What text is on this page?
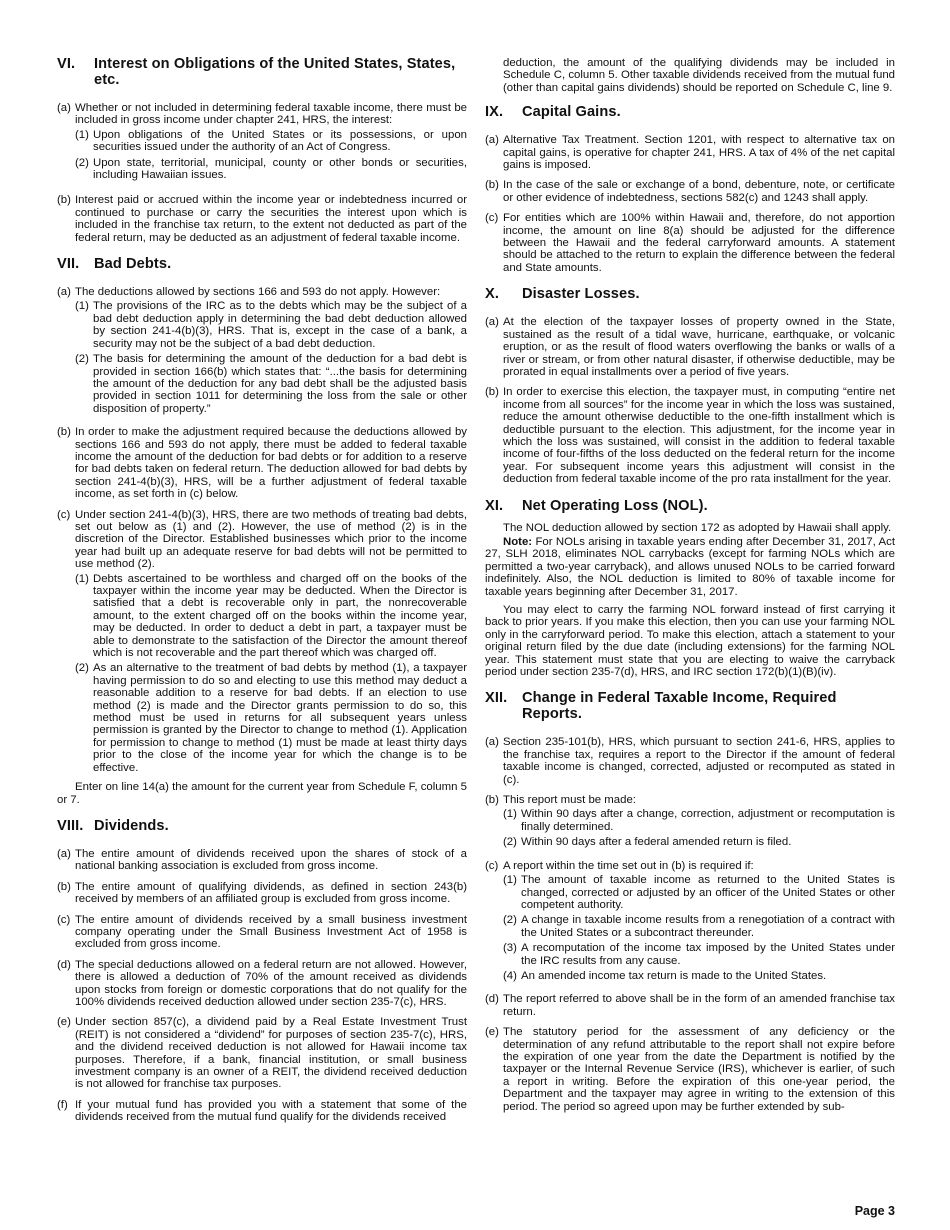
VI.	Interest on Obligations of the United States, States, etc.
(a) Whether or not included in determining federal taxable income, there must be included in gross income under chapter 241, HRS, the interest:
(1) Upon obligations of the United States or its possessions, or upon securities issued under the authority of an Act of Congress.
(2) Upon state, territorial, municipal, county or other bonds or securities, including Hawaiian issues.
(b) Interest paid or accrued within the income year or indebtedness incurred or continued to purchase or carry the securities the interest upon which is included in the franchise tax return, to the extent not deducted as part of the federal return, may be deducted as an adjustment of federal taxable income.
VII.	Bad Debts.
(a) The deductions allowed by sections 166 and 593 do not apply. However:
(1) The provisions of the IRC as to the debts which may be the subject of a bad debt deduction apply in determining the bad debt deduction allowed by section 241-4(b)(3), HRS. That is, except in the case of a bank, a security may not be the subject of a bad debt deduction.
(2) The basis for determining the amount of the deduction for a bad debt is provided in section 166(b) which states that: “...the basis for determining the amount of the deduction for any bad debt shall be the adjusted basis provided in section 1011 for determining the loss from the sale or other disposition of property.”
(b) In order to make the adjustment required because the deductions allowed by sections 166 and 593 do not apply, there must be added to federal taxable income the amount of the deduction for bad debts or for addition to a reserve for bad debts taken on federal return. The deduction allowed for bad debts by section 241-4(b)(3), HRS, will be a further adjustment of federal taxable income, as set forth in (c) below.
(c) Under section 241-4(b)(3), HRS, there are two methods of treating bad debts, set out below as (1) and (2). However, the use of method (2) is in the discretion of the Director. Established businesses which prior to the income year had built up an adequate reserve for bad debts will not be permitted to use method (2).
(1) Debts ascertained to be worthless and charged off on the books of the taxpayer within the income year may be deducted. When the Director is satisfied that a debt is recoverable only in part, the nonrecoverable amount, to the extent charged off on the books within the income year, may be deducted. In order to deduct a debt in part, a taxpayer must be able to demonstrate to the satisfaction of the Director the amount thereof which is not recoverable and the part thereof which was charged off.
(2) As an alternative to the treatment of bad debts by method (1), a taxpayer having permission to do so and electing to use this method may deduct a reasonable addition to a reserve for bad debts. If an election to use method (2) is made and the Director grants permission to do so, this method must be used in returns for all subsequent years unless permission is granted by the Director to change to method (1). Application for permission to change to method (1) must be made at least thirty days prior to the close of the income year for which the change is to be effective.
Enter on line 14(a) the amount for the current year from Schedule F, column 5 or 7.
VIII. Dividends.
(a) The entire amount of dividends received upon the shares of stock of a national banking association is excluded from gross income.
(b) The entire amount of qualifying dividends, as defined in section 243(b) received by members of an affiliated group is excluded from gross income.
(c) The entire amount of dividends received by a small business investment company operating under the Small Business Investment Act of 1958 is excluded from gross income.
(d) The special deductions allowed on a federal return are not allowed. However, there is allowed a deduction of 70% of the amount received as dividends upon stocks from foreign or domestic corporations that do not qualify for the 100% dividends received deduction allowed under section 235-7(c), HRS.
(e) Under section 857(c), a dividend paid by a Real Estate Investment Trust (REIT) is not considered a “dividend” for purposes of section 235-7(c), HRS, and the dividend received deduction is not allowed for Hawaii income tax purposes. Therefore, if a bank, financial institution, or small business investment company is an owner of a REIT, the dividend received deduction is not allowed for franchise tax purposes.
(f) If your mutual fund has provided you with a statement that some of the dividends received from the mutual fund qualify for the dividends received
deduction, the amount of the qualifying dividends may be included in Schedule C, column 5. Other taxable dividends received from the mutual fund (other than capital gains dividends) should be reported on Schedule C, line 9.
IX.	Capital Gains.
(a) Alternative Tax Treatment. Section 1201, with respect to alternative tax on capital gains, is operative for chapter 241, HRS. A tax of 4% of the net capital gains is imposed.
(b) In the case of the sale or exchange of a bond, debenture, note, or certificate or other evidence of indebtedness, sections 582(c) and 1243 shall apply.
(c) For entities which are 100% within Hawaii and, therefore, do not apportion income, the amount on line 8(a) should be adjusted for the difference between the Hawaii and the federal carryforward amounts. A statement should be attached to the return to explain the difference between the federal and State amounts.
X.	Disaster Losses.
(a) At the election of the taxpayer losses of property owned in the State, sustained as the result of a tidal wave, hurricane, earthquake, or volcanic eruption, or as the result of flood waters overflowing the banks or walls of a river or stream, or from other natural disaster, if otherwise deductible, may be prorated in equal installments over a period of five years.
(b) In order to exercise this election, the taxpayer must, in computing “entire net income from all sources” for the income year in which the loss was sustained, reduce the amount otherwise deductible to the one-fifth installment which is deductible pursuant to the election. This adjustment, for the income year in which the loss was sustained, will consist in the addition to federal taxable income of four-fifths of the loss deducted on the federal return for the income year. For subsequent income years this adjustment will consist in the deduction from federal taxable income of the pro rata installment for the year.
XI.	Net Operating Loss (NOL).
The NOL deduction allowed by section 172 as adopted by Hawaii shall apply.
Note: For NOLs arising in taxable years ending after December 31, 2017, Act 27, SLH 2018, eliminates NOL carrybacks (except for farming NOLs which are permitted a two-year carryback), and allows unused NOLs to be carried forward indefinitely. Also, the NOL deduction is limited to 80% of taxable income for taxable years beginning after December 31, 2017.
You may elect to carry the farming NOL forward instead of first carrying it back to prior years. If you make this election, then you can use your farming NOL only in the carryforward period. To make this election, attach a statement to your original return filed by the due date (including extensions) for the farming NOL year. This statement must state that you are electing to waive the carryback period under section 235-7(d), HRS, and IRC section 172(b)(1)(B)(iv).
XII.	Change in Federal Taxable Income, Required Reports.
(a) Section 235-101(b), HRS, which pursuant to section 241-6, HRS, applies to the franchise tax, requires a report to the Director if the amount of federal taxable income is changed, corrected, adjusted or recomputed as stated in (c).
(b) This report must be made:
(1) Within 90 days after a change, correction, adjustment or recomputation is finally determined.
(2) Within 90 days after a federal amended return is filed.
(c) A report within the time set out in (b) is required if:
(1) The amount of taxable income as returned to the United States is changed, corrected or adjusted by an officer of the United States or other competent authority.
(2) A change in taxable income results from a renegotiation of a contract with the United States or a subcontract thereunder.
(3) A recomputation of the income tax imposed by the United States under the IRC results from any cause.
(4) An amended income tax return is made to the United States.
(d) The report referred to above shall be in the form of an amended franchise tax return.
(e) The statutory period for the assessment of any deficiency or the determination of any refund attributable to the report shall not expire before the expiration of one year from the date the Department is notified by the taxpayer or the Internal Revenue Service (IRS), whichever is earlier, of such a report in writing. Before the expiration of this one-year period, the Department and the taxpayer may agree in writing to the extension of this period. The period so agreed upon may be further extended by sub-
Page 3
